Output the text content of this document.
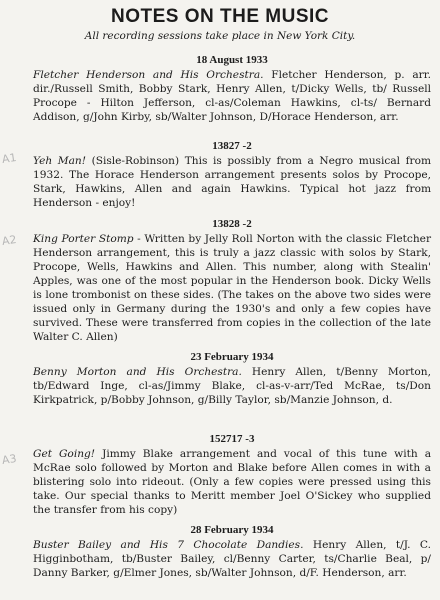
NOTES ON THE MUSIC

All recording sessions take place in New York City.

18 August 1933

Fletcher Henderson and His Orchestra. Fletcher Henderson, p. arr. dir./Russell Smith, Bobby Stark, Henry Allen, t/Dicky Wells, tb/ Russell Procope - Hilton Jefferson, cl-as/Coleman Hawkins, cl-ts/ Bernard Addison, g/John Kirby, sb/Walter Johnson, D/Horace Henderson, arr.

A1

13827 -2

Yeh Man! (Sisle-Robinson) This is possibly from a Negro musical from 1932. The Horace Henderson arrangement presents solos by Procope, Stark, Hawkins, Allen and again Hawkins. Typical hot jazz from Henderson - enjoy!

A2

13828 -2

King Porter Stomp - Written by Jelly Roll Norton with the classic Fletcher Henderson arrangement, this is truly a jazz classic with solos by Stark, Procope, Wells, Hawkins and Allen. This number, along with Stealin' Apples, was one of the most popular in the Henderson book. Dicky Wells is lone trombonist on these sides. (The takes on the above two sides were issued only in Germany during the 1930's and only a few copies have survived. These were transferred from copies in the collection of the late Walter C. Allen)

23 February 1934

Benny Morton and His Orchestra. Henry Allen, t/Benny Morton, tb/Edward Inge, cl-as/Jimmy Blake, cl-as-v-arr/Ted McRae, ts/Don Kirkpatrick, p/Bobby Johnson, g/Billy Taylor, sb/Manzie Johnson, d.

A3

152717 -3

Get Going! Jimmy Blake arrangement and vocal of this tune with a McRae solo followed by Morton and Blake before Allen comes in with a blistering solo into rideout. (Only a few copies were pressed using this take. Our special thanks to Meritt member Joel O'Sickey who supplied the transfer from his copy)

28 February 1934

Buster Bailey and His 7 Chocolate Dandies. Henry Allen, t/J. C. Higginbotham, tb/Buster Bailey, cl/Benny Carter, ts/Charlie Beal, p/ Danny Barker, g/Elmer Jones, sb/Walter Johnson, d/F. Henderson, arr.
